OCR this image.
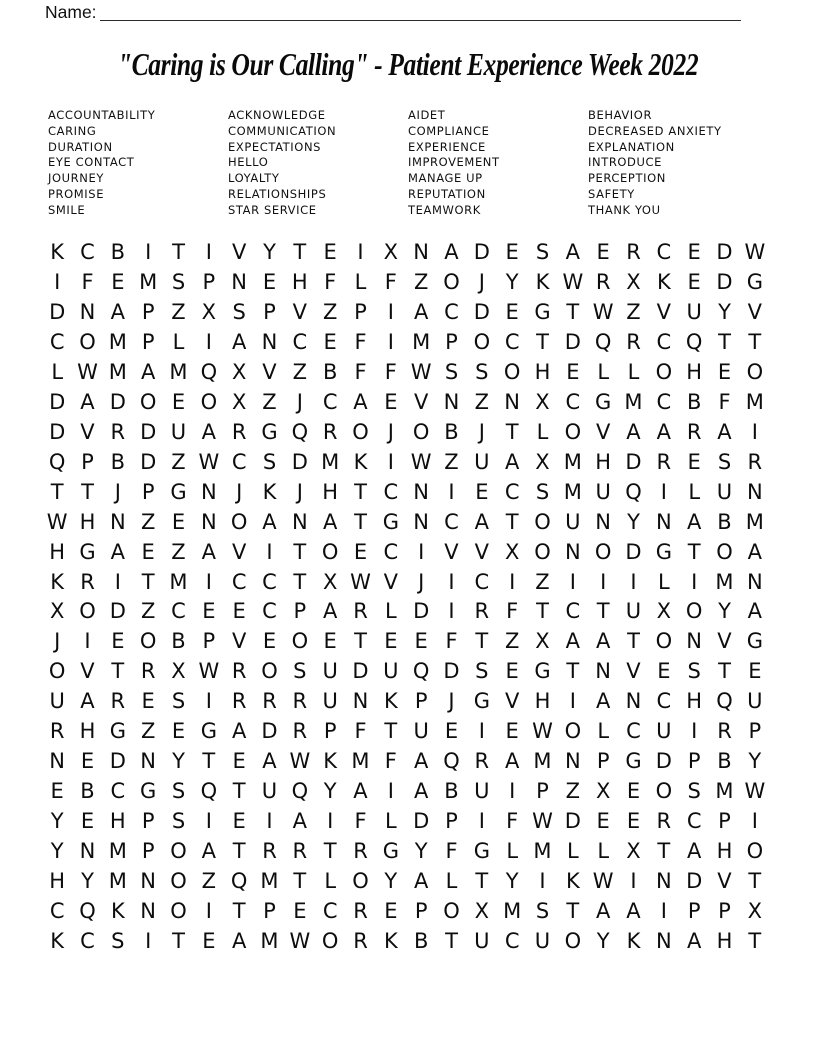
Name:
"Caring is Our Calling" - Patient Experience Week 2022
ACCOUNTABILITY
CARING
DURATION
EYE CONTACT
JOURNEY
PROMISE
SMILE
ACKNOWLEDGE
COMMUNICATION
EXPECTATIONS
HELLO
LOYALTY
RELATIONSHIPS
STAR SERVICE
AIDET
COMPLIANCE
EXPERIENCE
IMPROVEMENT
MANAGE UP
REPUTATION
TEAMWORK
BEHAVIOR
DECREASED ANXIETY
EXPLANATION
INTRODUCE
PERCEPTION
SAFETY
THANK YOU
K C B I T I V Y T E I X N A D E S A E R C E D W
I	F E M S P N E H F L F Z O J Y K W R X K E D G
D N A P Z X S P V Z P I A C D E G T W Z V U Y V
C O M P L	I A N C E F	I M P O C T D Q R C Q T T
L W M A M Q X V Z B F F W S S O H E L L O H E O
D A D O E O X Z J C A E V N Z N X C G M C B F M
D V R D U A R G Q R O J O B J T L O V A A R A I
Q P B D Z W C S D M K I W Z U A X M H D R E S R
T T J P G N J K J H T C N I E C S M U Q I	L U N
W H N Z E N O A N A T G N C A T O U N Y N A B M
H G A E Z A V I T O E C I V V X O N O D G T O A
K R I T M I C C T X W V J	I C I Z I	I	I	L	I M N
X O D Z C E E C P A R L D I R F T C T U X O Y A
J	I E O B P V E O E T E E F T Z X A A T O N V G
O V T R X W R O S U D U Q D S E G T N V E S T E
U A R E S I R R R U N K P J G V H I A N C H Q U
R H G Z E G A D R P F T U E I E W O L C U I R P
N E D N Y T E A W K M F A Q R A M N P G D P B Y
E B C G S Q T U Q Y A I A B U I P Z X E O S M W
Y E H P S I E I A I	F L D P I	F W D E E R C P I
Y N M P O A T R R T R G Y F G L M L L X T A H O
H Y M N O Z Q M T L O Y A L T Y I K W I N D V T
C Q K N O I T P E C R E P O X M S T A A I P P X
K C S I T E A M W O R K B T U C U O Y K N A H T
